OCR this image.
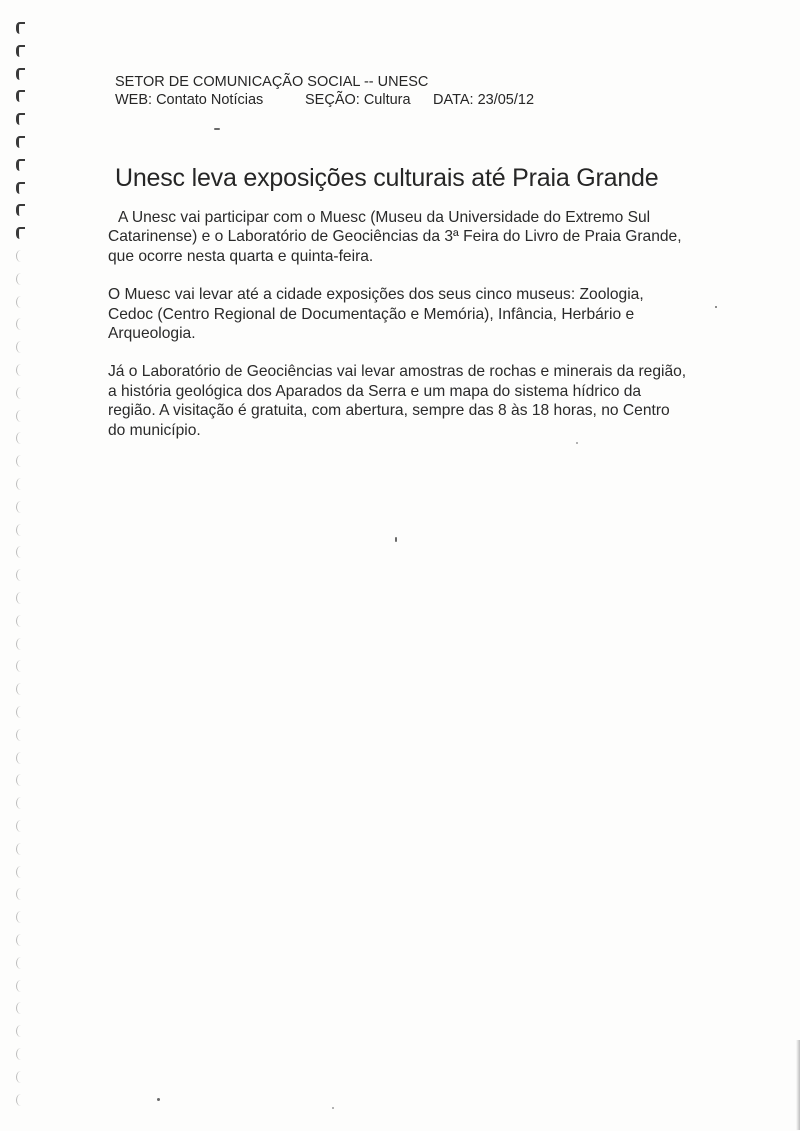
SETOR DE COMUNICAÇÃO SOCIAL -- UNESC
WEB: Contato Notícias	SEÇÃO: Cultura DATA: 23/05/12
Unesc leva exposições culturais até Praia Grande

A Unesc vai participar com o Muesc (Museu da Universidade do Extremo Sul Catarinense) e o Laboratório de Geociências da 3ª Feira do Livro de Praia Grande, que ocorre nesta quarta e quinta-feira.

O Muesc vai levar até a cidade exposições dos seus cinco museus: Zoologia, Cedoc (Centro Regional de Documentação e Memória), Infância, Herbário e Arqueologia.

Já o Laboratório de Geociências vai levar amostras de rochas e minerais da região, a história geológica dos Aparados da Serra e um mapa do sistema hídrico da região. A visitação é gratuita, com abertura, sempre das 8 às 18 horas, no Centro do município.
